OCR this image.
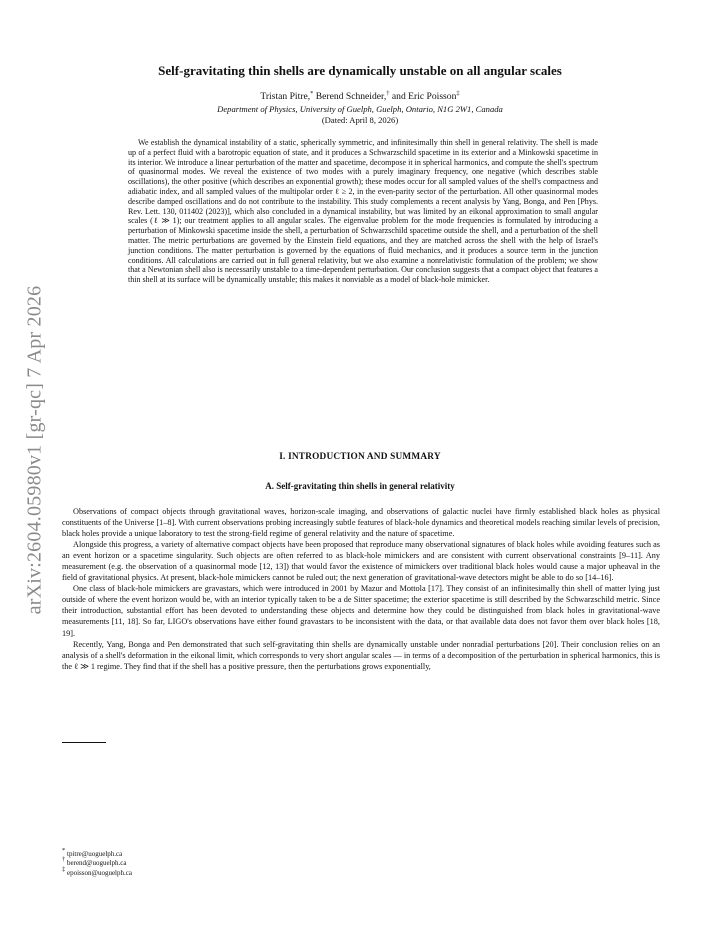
arXiv:2604.05980v1 [gr-qc] 7 Apr 2026
Self-gravitating thin shells are dynamically unstable on all angular scales
Tristan Pitre,* Berend Schneider,† and Eric Poisson‡
Department of Physics, University of Guelph, Guelph, Ontario, N1G 2W1, Canada
(Dated: April 8, 2026)

We establish the dynamical instability of a static, spherically symmetric, and infinitesimally thin shell in general relativity. The shell is made up of a perfect fluid with a barotropic equation of state, and it produces a Schwarzschild spacetime in its exterior and a Minkowski spacetime in its interior. We introduce a linear perturbation of the matter and spacetime, decompose it in spherical harmonics, and compute the shell's spectrum of quasinormal modes. We reveal the existence of two modes with a purely imaginary frequency, one negative (which describes stable oscillations), the other positive (which describes an exponential growth); these modes occur for all sampled values of the shell's compactness and adiabatic index, and all sampled values of the multipolar order ℓ ≥ 2, in the even-parity sector of the perturbation. All other quasinormal modes describe damped oscillations and do not contribute to the instability. This study complements a recent analysis by Yang, Bonga, and Pen [Phys. Rev. Lett. 130, 011402 (2023)], which also concluded in a dynamical instability, but was limited by an eikonal approximation to small angular scales (ℓ ≫ 1); our treatment applies to all angular scales. The eigenvalue problem for the mode frequencies is formulated by introducing a perturbation of Minkowski spacetime inside the shell, a perturbation of Schwarzschild spacetime outside the shell, and a perturbation of the shell matter. The metric perturbations are governed by the Einstein field equations, and they are matched across the shell with the help of Israel's junction conditions. The matter perturbation is governed by the equations of fluid mechanics, and it produces a source term in the junction conditions. All calculations are carried out in full general relativity, but we also examine a nonrelativistic formulation of the problem; we show that a Newtonian shell also is necessarily unstable to a time-dependent perturbation. Our conclusion suggests that a compact object that features a thin shell at its surface will be dynamically unstable; this makes it nonviable as a model of black-hole mimicker.

I. INTRODUCTION AND SUMMARY
A. Self-gravitating thin shells in general relativity

Observations of compact objects through gravitational waves, horizon-scale imaging, and observations of galactic nuclei have firmly established black holes as physical constituents of the Universe [1–8]. With current observations probing increasingly subtle features of black-hole dynamics and theoretical models reaching similar levels of precision, black holes provide a unique laboratory to test the strong-field regime of general relativity and the nature of spacetime.

Alongside this progress, a variety of alternative compact objects have been proposed that reproduce many observational signatures of black holes while avoiding features such as an event horizon or a spacetime singularity. Such objects are often referred to as black-hole mimickers and are consistent with current observational constraints [9–11]. Any measurement (e.g. the observation of a quasinormal mode [12, 13]) that would favor the existence of mimickers over traditional black holes would cause a major upheaval in the field of gravitational physics. At present, black-hole mimickers cannot be ruled out; the next generation of gravitational-wave detectors might be able to do so [14–16].

One class of black-hole mimickers are gravastars, which were introduced in 2001 by Mazur and Mottola [17]. They consist of an infinitesimally thin shell of matter lying just outside of where the event horizon would be, with an interior typically taken to be a de Sitter spacetime; the exterior spacetime is still described by the Schwarzschild metric. Since their introduction, substantial effort has been devoted to understanding these objects and determine how they could be distinguished from black holes in gravitational-wave measurements [11, 18]. So far, LIGO's observations have either found gravastars to be inconsistent with the data, or that available data does not favor them over black holes [18, 19].

Recently, Yang, Bonga and Pen demonstrated that such self-gravitating thin shells are dynamically unstable under nonradial perturbations [20]. Their conclusion relies on an analysis of a shell's deformation in the eikonal limit, which corresponds to very short angular scales — in terms of a decomposition of the perturbation in spherical harmonics, this is the ℓ ≫ 1 regime. They find that if the shell has a positive pressure, then the perturbations grows exponentially,

* tpitre@uoguelph.ca

† berend@uoguelph.ca

‡ epoisson@uoguelph.ca
